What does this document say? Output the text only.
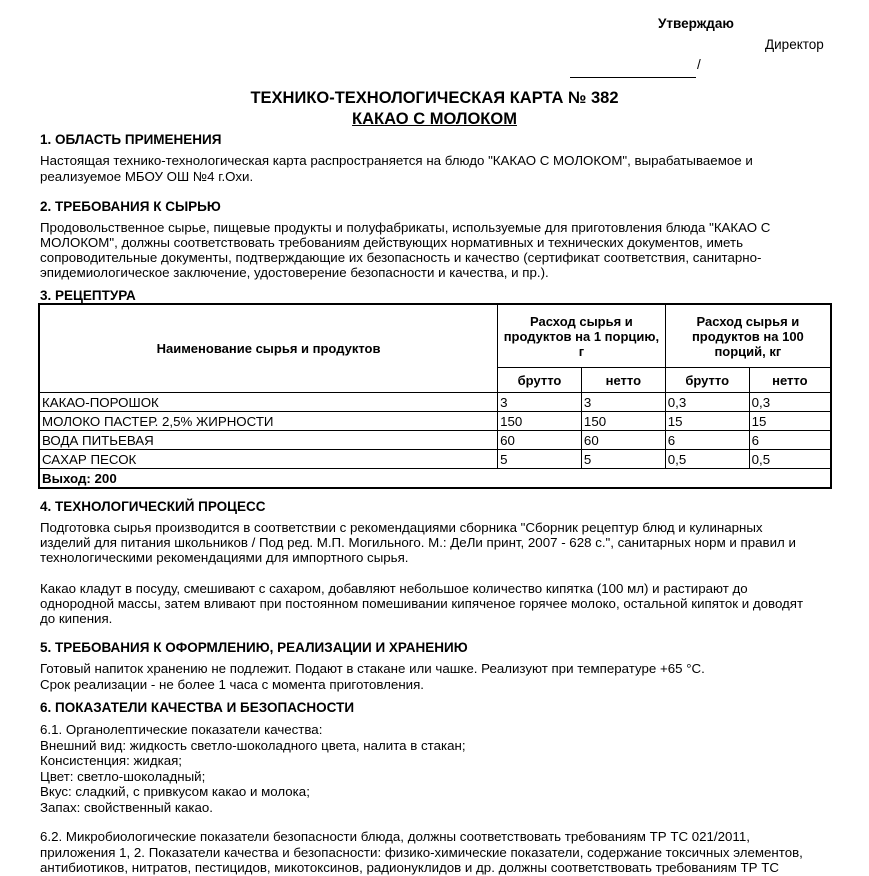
Утверждаю
Директор
/
ТЕХНИКО-ТЕХНОЛОГИЧЕСКАЯ КАРТА № 382
КАКАО С МОЛОКОМ
1. ОБЛАСТЬ ПРИМЕНЕНИЯ
Настоящая технико-технологическая карта распространяется на блюдо "КАКАО С МОЛОКОМ", вырабатываемое и
реализуемое МБОУ ОШ №4 г.Охи.
2. ТРЕБОВАНИЯ К СЫРЬЮ
Продовольственное сырье, пищевые продукты и полуфабрикаты, используемые для приготовления блюда "КАКАО С
МОЛОКОМ", должны соответствовать требованиям действующих нормативных и технических документов, иметь
сопроводительные документы, подтверждающие их безопасность и качество (сертификат соответствия, санитарно-
эпидемиологическое заключение, удостоверение безопасности и качества, и пр.).
3. РЕЦЕПТУРА
Наименование сырья и продуктов	Расход сырья и продуктов на 1 порцию, г		Расход сырья и продуктов на 100 порций, кг	
	брутто	нетто	брутто	нетто
КАКАО-ПОРОШОК	3	3	0,3	0,3
МОЛОКО ПАСТЕР. 2,5% ЖИРНОСТИ	150	150	15	15
ВОДА ПИТЬЕВАЯ	60	60	6	6
САХАР ПЕСОК	5	5	0,5	0,5
Выход: 200				
4. ТЕХНОЛОГИЧЕСКИЙ ПРОЦЕСС
Подготовка сырья производится в соответствии с рекомендациями сборника "Сборник рецептур блюд и кулинарных
изделий для питания школьников / Под ред. М.П. Могильного. М.: ДеЛи принт, 2007 - 628 с.", санитарных норм и правил и
технологическими рекомендациями для импортного сырья.
Какао кладут в посуду, смешивают с сахаром, добавляют небольшое количество кипятка (100 мл) и растирают до
однородной массы, затем вливают при постоянном помешивании кипяченое горячее молоко, остальной кипяток и доводят
до кипения.
5. ТРЕБОВАНИЯ К ОФОРМЛЕНИЮ, РЕАЛИЗАЦИИ И ХРАНЕНИЮ
Готовый напиток хранению не подлежит. Подают в стакане или чашке. Реализуют при температуре +65 °С.
Срок реализации - не более 1 часа с момента приготовления.
6. ПОКАЗАТЕЛИ КАЧЕСТВА И БЕЗОПАСНОСТИ
6.1. Органолептические показатели качества:
Внешний вид: жидкость светло-шоколадного цвета, налита в стакан;
Консистенция: жидкая;
Цвет: светло-шоколадный;
Вкус: сладкий, с привкусом какао и молока;
Запах: свойственный какао.
6.2. Микробиологические показатели безопасности блюда, должны соответствовать требованиям ТР ТС 021/2011,
приложения 1, 2. Показатели качества и безопасности: физико-химические показатели, содержание токсичных элементов,
антибиотиков, нитратов, пестицидов, микотоксинов, радионуклидов и др. должны соответствовать требованиям ТР ТС
